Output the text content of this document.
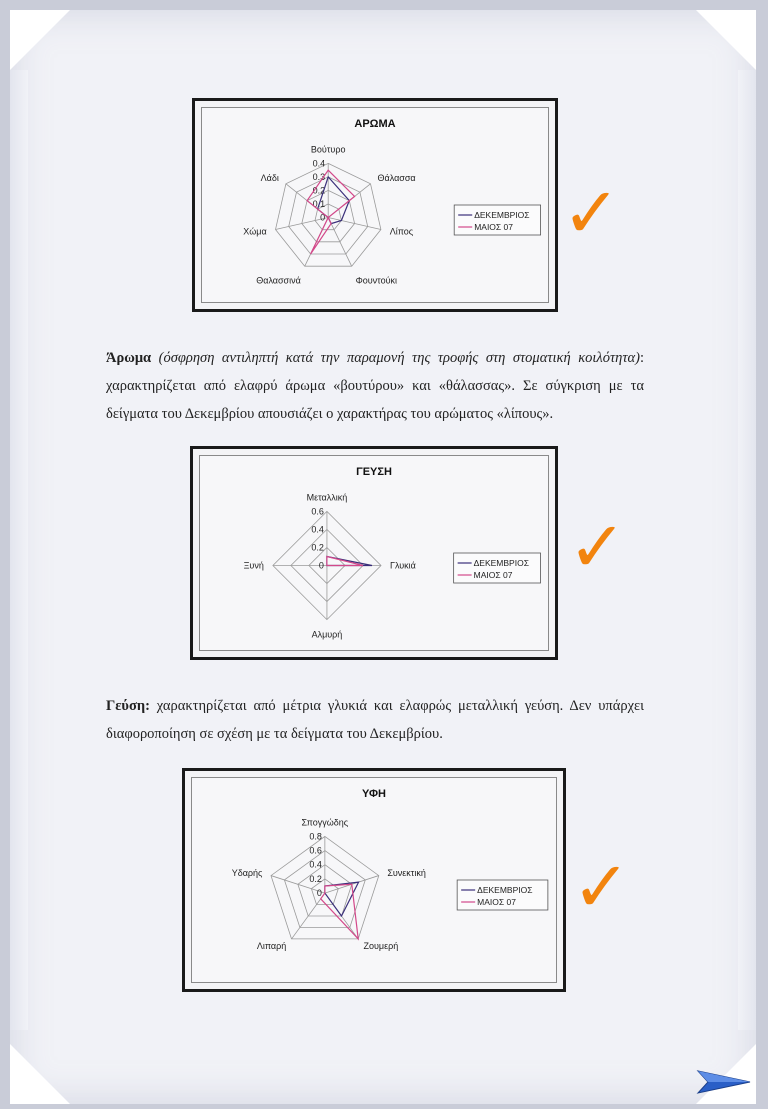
ΑΡΩΜΑ
Βούτυρο
Θάλασσα
Λίπος
Φουντούκι
Θαλασσινά
Χώμα
Λάδι
0
0.1
0.2
0.3
0.4
ΔΕΚΕΜΒΡΙΟΣ
ΜΑΙΟΣ 07

Άρωμα (όσφρηση αντιληπτή κατά την παραμονή της τροφής στη στοματική κοιλότητα): χαρακτηρίζεται από ελαφρύ άρωμα «βουτύρου» και «θάλασσας». Σε σύγκριση με τα δείγματα του Δεκεμβρίου απουσιάζει ο χαρακτήρας του αρώματος «λίπους».

✓
ΓΕΥΣΗ
Μεταλλική
Γλυκιά
Αλμυρή
Ξυνή	0
0.2
0.4
0.6
ΔΕΚΕΜΒΡΙΟΣ
ΜΑΙΟΣ 07 ✓

Γεύση: χαρακτηρίζεται από μέτρια γλυκιά και ελαφρώς μεταλλική γεύση. Δεν υπάρχει διαφοροποίηση σε σχέση με τα δείγματα του Δεκεμβρίου.

ΥΦΗ
Σπογγώδης
Συνεκτική
Ζουμερή
Λιπαρή
Υδαρής
0
0.2
0.4
0.6
0.8
ΔΕΚΕΜΒΡΙΟΣ
ΜΑΙΟΣ 07 ✓
